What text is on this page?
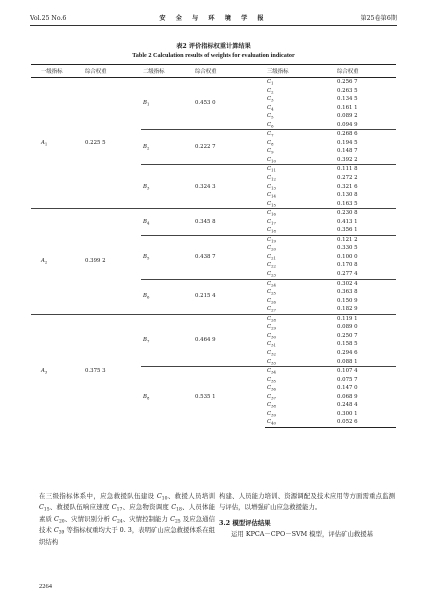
Vol.25 No.6	安 全 与 环 境 学 报	第25卷第6期
表2 评价指标权重计算结果
Table 2 Calculation results of weights for evaluation indicator
一级指标	综合权重	二级指标	综合权重	三级指标	综合权重
$A_1$	0.225 5	$B_1$	0.453 0	$C_1$	0.256 7
				$C_2$	0.263 5
				$C_3$	0.134 5
				$C_4$	0.161 1
				$C_5$	0.089 2
				$C_6$	0.094 9
		$B_2$	0.222 7	$C_7$	0.268 6
				$C_8$	0.194 5
				$C_9$	0.148 7
				$C_{10}$	0.392 2
		$B_3$	0.324 3	$C_{11}$	0.111 8
				$C_{12}$	0.272 2
				$C_{13}$	0.321 6
				$C_{14}$	0.130 8
				$C_{15}$	0.163 5
$A_2$	0.399 2	$B_4$	0.345 8	$C_{16}$	0.230 8
				$C_{17}$	0.413 1
				$C_{18}$	0.356 1
		$B_5$	0.438 7	$C_{19}$	0.121 2
				$C_{20}$	0.330 5
				$C_{21}$	0.100 0
				$C_{22}$	0.170 8
				$C_{23}$	0.277 4
		$B_6$	0.215 4	$C_{24}$	0.302 4
				$C_{25}$	0.363 8
				$C_{26}$	0.150 9
				$C_{27}$	0.182 9
$A_3$	0.375 3	$B_7$	0.464 9	$C_{28}$	0.119 1
				$C_{29}$	0.089 0
				$C_{30}$	0.250 7
				$C_{31}$	0.158 5
				$C_{32}$	0.294 6
				$C_{33}$	0.088 1
		$B_8$	0.535 1	$C_{34}$	0.107 4
				$C_{35}$	0.075 7
				$C_{36}$	0.147 0
				$C_{37}$	0.068 9
				$C_{38}$	0.248 4
				$C_{39}$	0.300 1
				$C_{40}$	0.052 6

在三级指标体系中，应急救援队伍建设 $C_{10}$、救援人员培训 $C_{15}$、救援队伍响应速度 $C_{17}$、应急物资调度 $C_{18}$、人员体能素质 $C_{20}$、灾情识别分析 $C_{24}$、灾情控制能力 $C_{25}$ 及应急通信技术 $C_{39}$ 等指标权重均大于 0. 3，表明矿山应急救援体系在组织结构

构建、人员能力培训、资源调配及技术应用等方面需重点监测与评估，以增强矿山应急救援能力。
3.2 模型评估结果
运用 KPCA－CPO－SVM 模型，评估矿山救援基
2264
